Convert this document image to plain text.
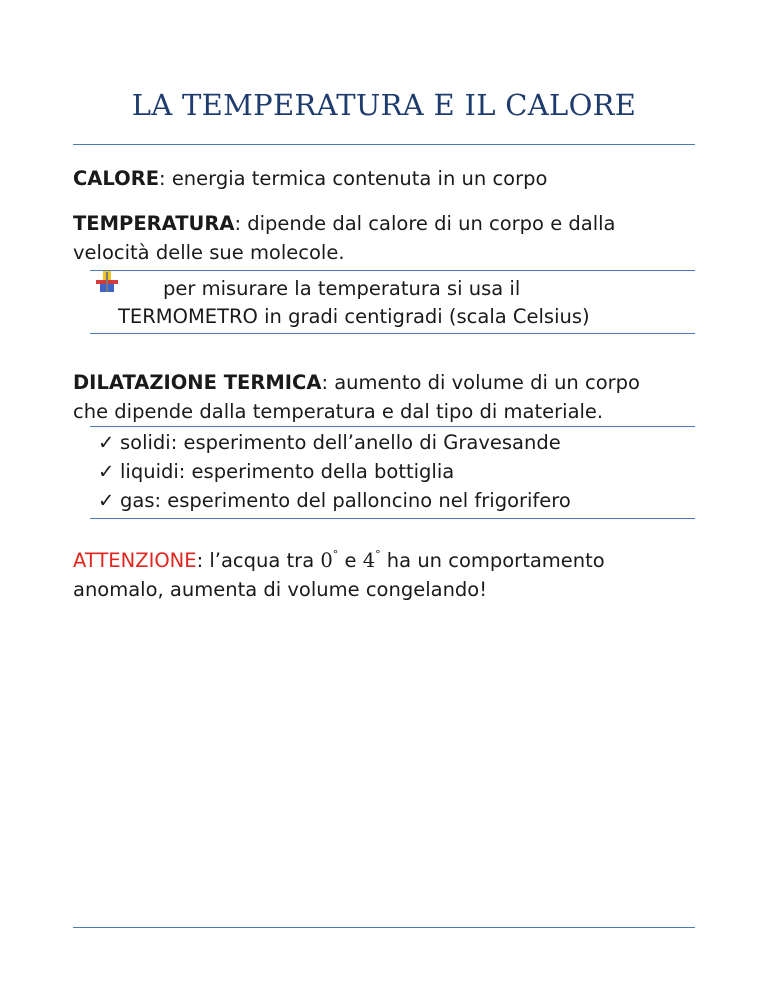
LA TEMPERATURA E IL CALORE
CALORE: energia termica contenuta in un corpo
TEMPERATURA: dipende dal calore di un corpo e dalla
velocità delle sue molecole.
per misurare la temperatura si usa il
TERMOMETRO in gradi centigradi (scala Celsius)
DILATAZIONE TERMICA: aumento di volume di un corpo
che dipende dalla temperatura e dal tipo di materiale.
✓ solidi: esperimento dell’anello di Gravesande
✓ liquidi: esperimento della bottiglia
✓ gas: esperimento del palloncino nel frigorifero
ATTENZIONE: l’acqua tra 0° e 4° ha un comportamento
anomalo, aumenta di volume congelando!
